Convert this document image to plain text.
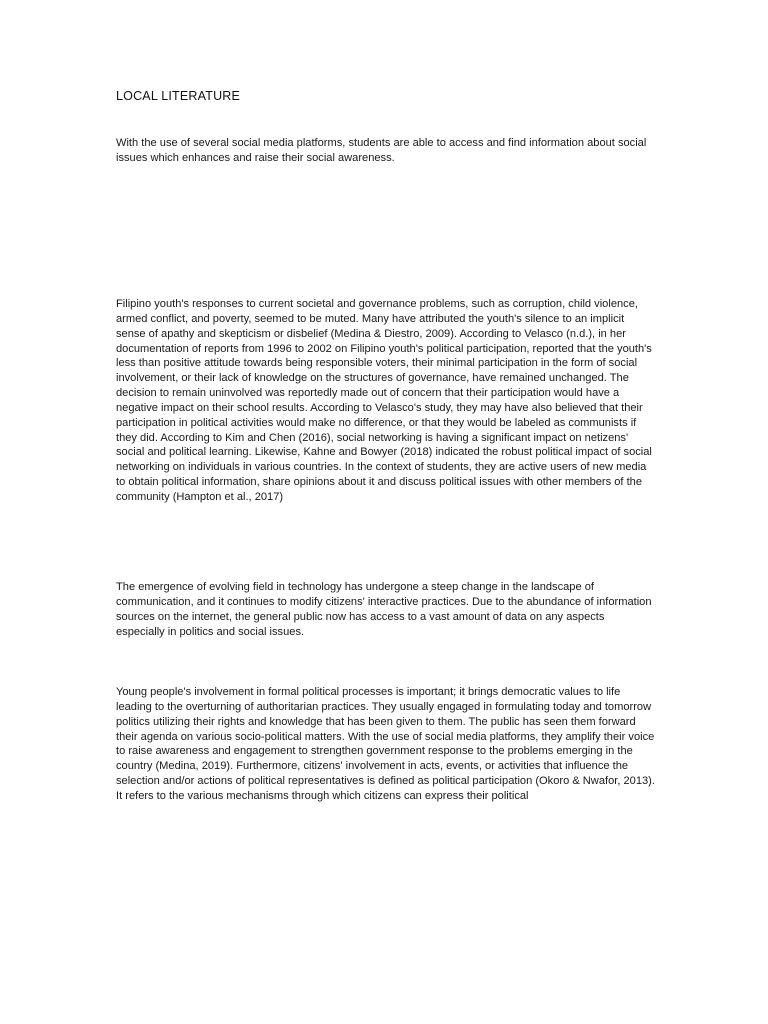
LOCAL LITERATURE

With the use of several social media platforms, students are able to access and find information about social issues which enhances and raise their social awareness.

Filipino youth's responses to current societal and governance problems, such as corruption, child violence, armed conflict, and poverty, seemed to be muted. Many have attributed the youth's silence to an implicit sense of apathy and skepticism or disbelief (Medina & Diestro, 2009). According to Velasco (n.d.), in her documentation of reports from 1996 to 2002 on Filipino youth's political participation, reported that the youth's less than positive attitude towards being responsible voters, their minimal participation in the form of social involvement, or their lack of knowledge on the structures of governance, have remained unchanged. The decision to remain uninvolved was reportedly made out of concern that their participation would have a negative impact on their school results. According to Velasco's study, they may have also believed that their participation in political activities would make no difference, or that they would be labeled as communists if they did. According to Kim and Chen (2016), social networking is having a significant impact on netizens' social and political learning. Likewise, Kahne and Bowyer (2018) indicated the robust political impact of social networking on individuals in various countries. In the context of students, they are active users of new media to obtain political information, share opinions about it and discuss political issues with other members of the community (Hampton et al., 2017)

The emergence of evolving field in technology has undergone a steep change in the landscape of communication, and it continues to modify citizens' interactive practices. Due to the abundance of information sources on the internet, the general public now has access to a vast amount of data on any aspects especially in politics and social issues.

Young people's involvement in formal political processes is important; it brings democratic values to life leading to the overturning of authoritarian practices. They usually engaged in formulating today and tomorrow politics utilizing their rights and knowledge that has been given to them. The public has seen them forward their agenda on various socio-political matters. With the use of social media platforms, they amplify their voice to raise awareness and engagement to strengthen government response to the problems emerging in the country (Medina, 2019). Furthermore, citizens' involvement in acts, events, or activities that influence the selection and/or actions of political representatives is defined as political participation (Okoro & Nwafor, 2013). It refers to the various mechanisms through which citizens can express their political
